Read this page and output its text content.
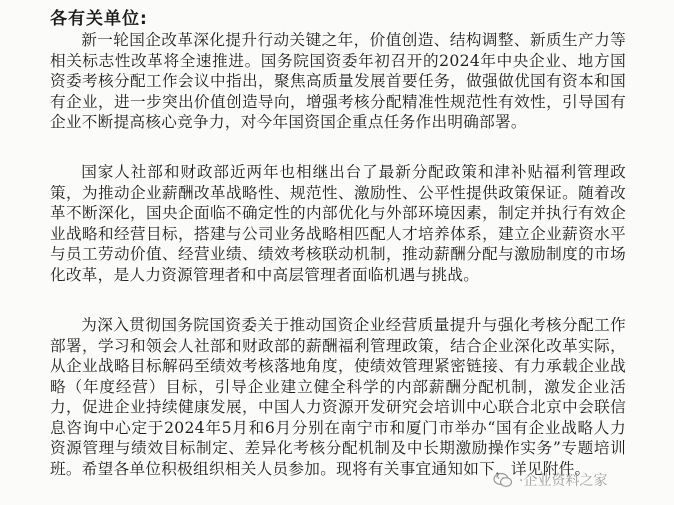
各有关单位:

新一轮国企改革深化提升行动关键之年，价值创造、结构调整、新质生产力等相关标志性改革将全速推进。国务院国资委年初召开的2024年中央企业、地方国资委考核分配工作会议中指出，聚焦高质量发展首要任务，做强做优国有资本和国有企业，进一步突出价值创造导向，增强考核分配精准性规范性有效性，引导国有企业不断提高核心竞争力，对今年国资国企重点任务作出明确部署。

国家人社部和财政部近两年也相继出台了最新分配政策和津补贴福利管理政策，为推动企业薪酬改革战略性、规范性、激励性、公平性提供政策保证。随着改革不断深化，国央企面临不确定性的内部优化与外部环境因素，制定并执行有效企业战略和经营目标，搭建与公司业务战略相匹配人才培养体系，建立企业薪资水平与员工劳动价值、经营业绩、绩效考核联动机制，推动薪酬分配与激励制度的市场化改革，是人力资源管理者和中高层管理者面临机遇与挑战。

为深入贯彻国务院国资委关于推动国资企业经营质量提升与强化考核分配工作部署，学习和领会人社部和财政部的薪酬福利管理政策，结合企业深化改革实际，从企业战略目标解码至绩效考核落地角度，使绩效管理紧密链接、有力承载企业战略（年度经营）目标，引导企业建立健全科学的内部薪酬分配机制，激发企业活力，促进企业持续健康发展，中国人力资源开发研究会培训中心联合北京中会联信息咨询中心定于2024年5月和6月分别在南宁市和厦门市举办“国有企业战略人力资源管理与绩效目标制定、差异化考核分配机制及中长期激励操作实务”专题培训班。希望各单位积极组织相关人员参加。现将有关事宜通知如下，详见附件。

·企业资料之家
